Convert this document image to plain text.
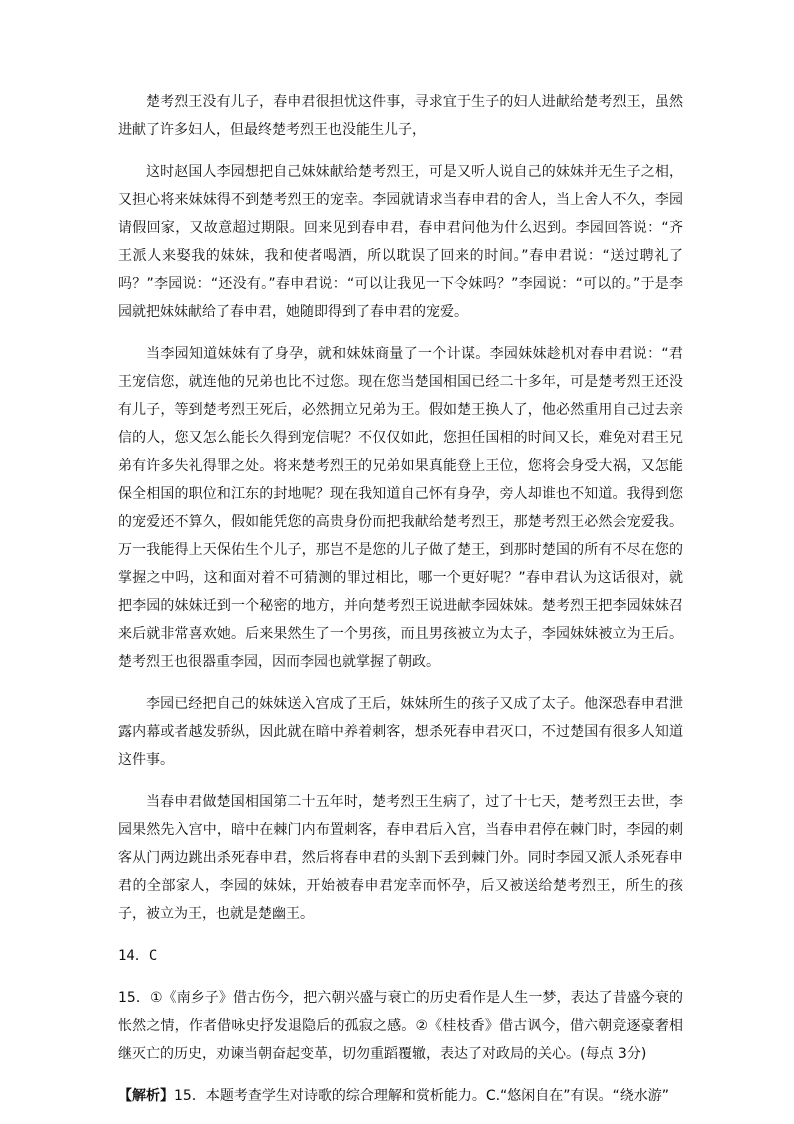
楚考烈王没有儿子，春申君很担忧这件事，寻求宜于生子的妇人进献给楚考烈王，虽然进献了许多妇人，但最终楚考烈王也没能生儿子，

这时赵国人李园想把自己妹妹献给楚考烈王，可是又听人说自己的妹妹并无生子之相，又担心将来妹妹得不到楚考烈王的宠幸。李园就请求当春申君的舍人，当上舍人不久，李园请假回家，又故意超过期限。回来见到春申君，春申君问他为什么迟到。李园回答说：“齐王派人来娶我的妹妹，我和使者喝酒，所以耽误了回来的时间。”春申君说：“送过聘礼了吗？”李园说：“还没有。”春申君说：“可以让我见一下令妹吗？”李园说：“可以的。”于是李园就把妹妹献给了春申君，她随即得到了春申君的宠爱。

当李园知道妹妹有了身孕，就和妹妹商量了一个计谋。李园妹妹趁机对春申君说：“君王宠信您，就连他的兄弟也比不过您。现在您当楚国相国已经二十多年，可是楚考烈王还没有儿子，等到楚考烈王死后，必然拥立兄弟为王。假如楚王换人了，他必然重用自己过去亲信的人，您又怎么能长久得到宠信呢？不仅仅如此，您担任国相的时间又长，难免对君王兄弟有许多失礼得罪之处。将来楚考烈王的兄弟如果真能登上王位，您将会身受大祸，又怎能保全相国的职位和江东的封地呢？现在我知道自己怀有身孕，旁人却谁也不知道。我得到您的宠爱还不算久，假如能凭您的高贵身份而把我献给楚考烈王，那楚考烈王必然会宠爱我。万一我能得上天保佑生个儿子，那岂不是您的儿子做了楚王，到那时楚国的所有不尽在您的掌握之中吗，这和面对着不可猜测的罪过相比，哪一个更好呢？”春申君认为这话很对，就把李园的妹妹迁到一个秘密的地方，并向楚考烈王说进献李园妹妹。楚考烈王把李园妹妹召来后就非常喜欢她。后来果然生了一个男孩，而且男孩被立为太子，李园妹妹被立为王后。楚考烈王也很器重李园，因而李园也就掌握了朝政。

李园已经把自己的妹妹送入宫成了王后，妹妹所生的孩子又成了太子。他深恐春申君泄露内幕或者越发骄纵，因此就在暗中养着刺客，想杀死春申君灭口，不过楚国有很多人知道这件事。

当春申君做楚国相国第二十五年时，楚考烈王生病了，过了十七天，楚考烈王去世，李园果然先入宫中，暗中在棘门内布置刺客，春申君后入宫，当春申君停在棘门时，李园的刺客从门两边跳出杀死春申君，然后将春申君的头割下丢到棘门外。同时李园又派人杀死春申君的全部家人，李园的妹妹，开始被春申君宠幸而怀孕，后又被送给楚考烈王，所生的孩子，被立为王，也就是楚幽王。

14．C

15．①《南乡子》借古伤今，把六朝兴盛与衰亡的历史看作是人生一梦，表达了昔盛今衰的怅然之情，作者借咏史抒发退隐后的孤寂之感。②《桂枝香》借古讽今，借六朝竞逐豪奢相继灭亡的历史，劝谏当朝奋起变革，切勿重蹈覆辙，表达了对政局的关心。(每点 3分)

【解析】15．本题考查学生对诗歌的综合理解和赏析能力。C.“悠闲自在”有误。“绕水游”
